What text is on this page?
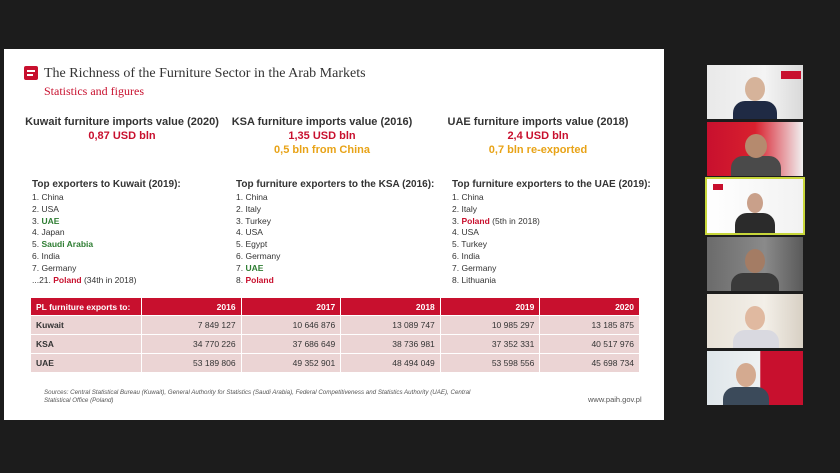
The Richness of the Furniture Sector in the Arab Markets
Statistics and figures
Kuwait furniture imports value (2020)
0,87 USD bln
KSA furniture imports value (2016)
1,35 USD bln
0,5 bln from China
UAE furniture imports value (2018)
2,4 USD bln
0,7 bln re-exported
Top exporters to Kuwait (2019):
1. China
2. USA
3. UAE
4. Japan
5. Saudi Arabia
6. India
7. Germany
...21. Poland (34th in 2018)
Top furniture exporters to the KSA (2016):
1. China
2. Italy
3. Turkey
4. USA
5. Egypt
6. Germany
7. UAE
8. Poland
Top furniture exporters to the UAE (2019):
1. China
2. Italy
3. Poland (5th in 2018)
4. USA
5. Turkey
6. India
7. Germany
8. Lithuania
PL furniture exports to:	2016	2017	2018	2019	2020
Kuwait	7 849 127	10 646 876	13 089 747	10 985 297	13 185 875
KSA	34 770 226	37 686 649	38 736 981	37 352 331	40 517 976
UAE	53 189 806	49 352 901	48 494 049	53 598 556	45 698 734
Sources: Central Statistical Bureau (Kuwait), General Authority for Statistics (Saudi Arabia), Federal Competitiveness and Statistics Authority (UAE), Central Statistical Office (Poland)	www.paih.gov.pl
